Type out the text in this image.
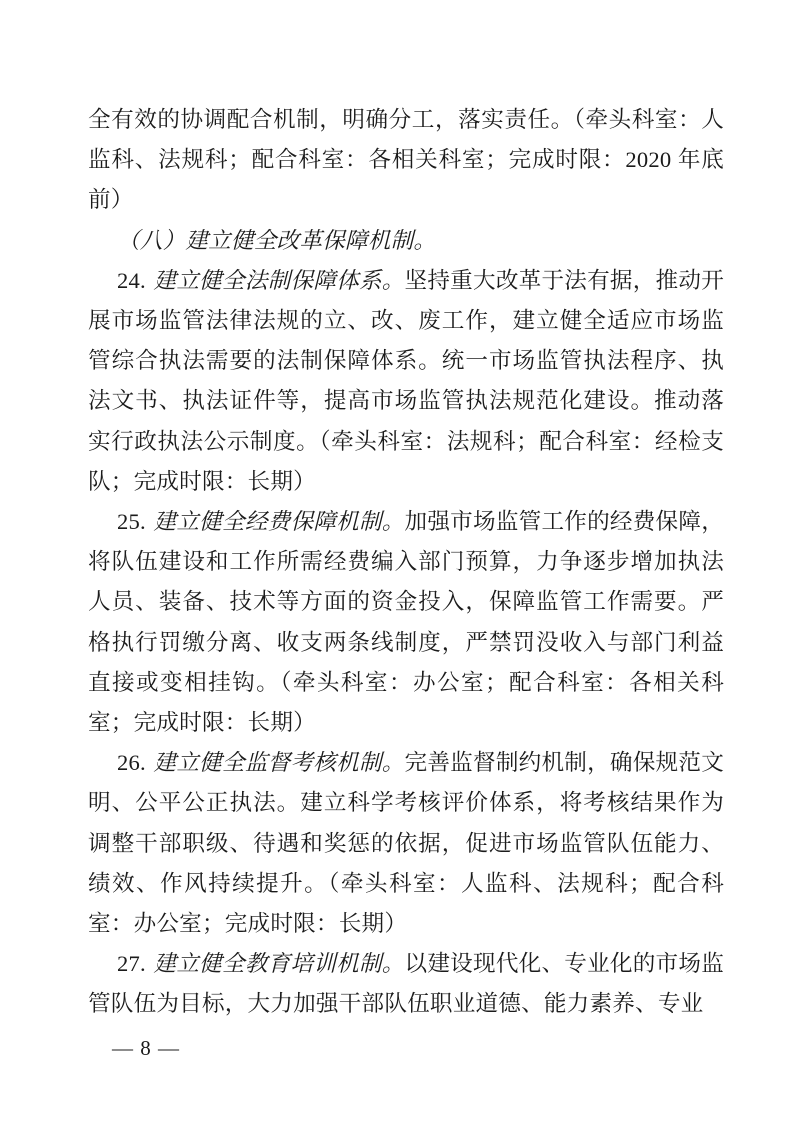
全有效的协调配合机制，明确分工，落实责任。（牵头科室：人监科、法规科；配合科室：各相关科室；完成时限：2020 年底前）

（八）建立健全改革保障机制。

24. 建立健全法制保障体系。坚持重大改革于法有据，推动开展市场监管法律法规的立、改、废工作，建立健全适应市场监管综合执法需要的法制保障体系。统一市场监管执法程序、执法文书、执法证件等，提高市场监管执法规范化建设。推动落实行政执法公示制度。（牵头科室：法规科；配合科室：经检支队；完成时限：长期）

25. 建立健全经费保障机制。加强市场监管工作的经费保障，将队伍建设和工作所需经费编入部门预算，力争逐步增加执法人员、装备、技术等方面的资金投入，保障监管工作需要。严格执行罚缴分离、收支两条线制度，严禁罚没收入与部门利益直接或变相挂钩。（牵头科室：办公室；配合科室：各相关科室；完成时限：长期）

26. 建立健全监督考核机制。完善监督制约机制，确保规范文明、公平公正执法。建立科学考核评价体系，将考核结果作为调整干部职级、待遇和奖惩的依据，促进市场监管队伍能力、绩效、作风持续提升。（牵头科室：人监科、法规科；配合科室：办公室；完成时限：长期）

27. 建立健全教育培训机制。以建设现代化、专业化的市场监管队伍为目标，大力加强干部队伍职业道德、能力素养、专业

— 8 —
